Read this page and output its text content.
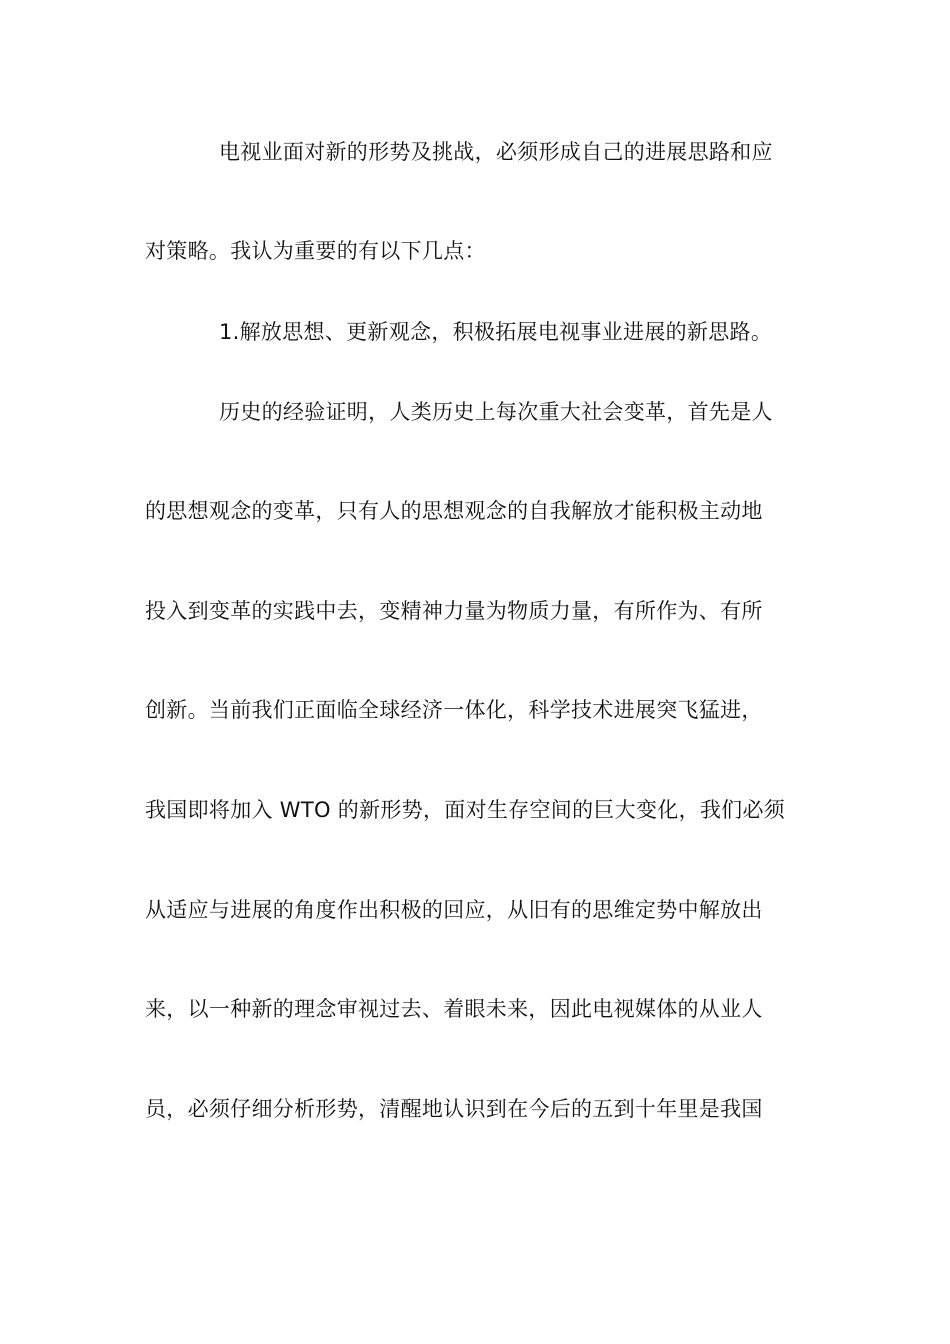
电视业面对新的形势及挑战，必须形成自己的进展思路和应
对策略。我认为重要的有以下几点：
1.解放思想、更新观念，积极拓展电视事业进展的新思路。
历史的经验证明，人类历史上每次重大社会变革，首先是人
的思想观念的变革，只有人的思想观念的自我解放才能积极主动地
投入到变革的实践中去，变精神力量为物质力量，有所作为、有所
创新。当前我们正面临全球经济一体化，科学技术进展突飞猛进，
我国即将加入 WTO 的新形势，面对生存空间的巨大变化，我们必须
从适应与进展的角度作出积极的回应，从旧有的思维定势中解放出
来，以一种新的理念审视过去、着眼未来，因此电视媒体的从业人
员，必须仔细分析形势，清醒地认识到在今后的五到十年里是我国
